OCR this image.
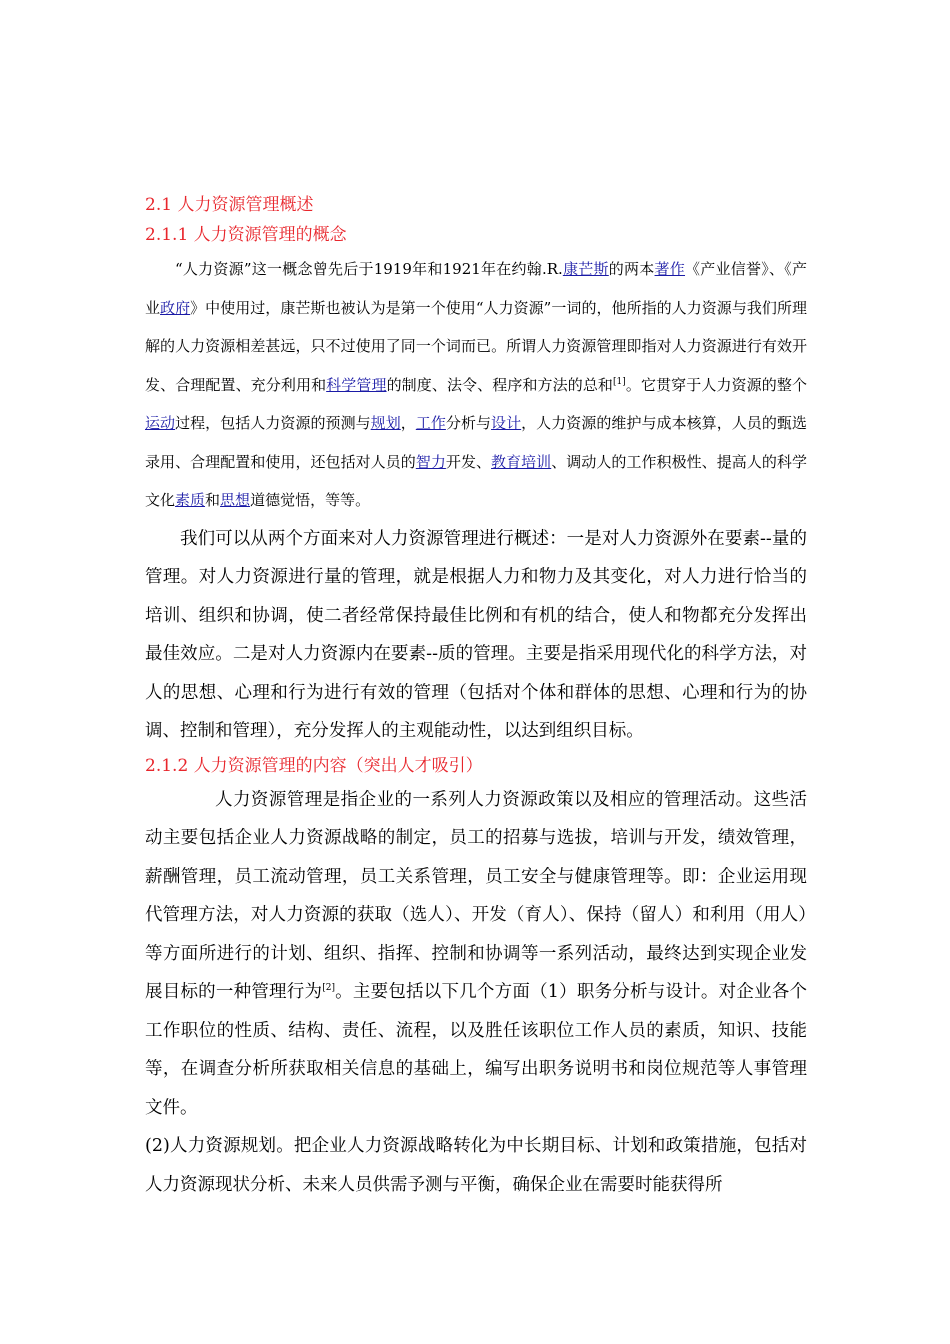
2.1 人力资源管理概述
2.1.1 人力资源管理的概念

“人力资源”这一概念曾先后于1919年和1921年在约翰.R.康芒斯的两本著作《产业信誉》、《产业政府》中使用过，康芒斯也被认为是第一个使用“人力资源”一词的，他所指的人力资源与我们所理解的人力资源相差甚远，只不过使用了同一个词而已。所谓人力资源管理即指对人力资源进行有效开发、合理配置、充分利用和科学管理的制度、法令、程序和方法的总和[1]。它贯穿于人力资源的整个运动过程，包括人力资源的预测与规划，工作分析与设计，人力资源的维护与成本核算，人员的甄选录用、合理配置和使用，还包括对人员的智力开发、教育培训、调动人的工作积极性、提高人的科学文化素质和思想道德觉悟，等等。

我们可以从两个方面来对人力资源管理进行概述：一是对人力资源外在要素--量的管理。对人力资源进行量的管理，就是根据人力和物力及其变化，对人力进行恰当的培训、组织和协调，使二者经常保持最佳比例和有机的结合，使人和物都充分发挥出最佳效应。二是对人力资源内在要素--质的管理。主要是指采用现代化的科学方法，对人的思想、心理和行为进行有效的管理（包括对个体和群体的思想、心理和行为的协调、控制和管理），充分发挥人的主观能动性，以达到组织目标。

2.1.2 人力资源管理的内容（突出人才吸引）

人力资源管理是指企业的一系列人力资源政策以及相应的管理活动。这些活动主要包括企业人力资源战略的制定，员工的招募与选拔，培训与开发，绩效管理，薪酬管理，员工流动管理，员工关系管理，员工安全与健康管理等。即：企业运用现代管理方法，对人力资源的获取（选人）、开发（育人）、保持（留人）和利用（用人）等方面所进行的计划、组织、指挥、控制和协调等一系列活动，最终达到实现企业发展目标的一种管理行为[2]。主要包括以下几个方面（1）职务分析与设计。对企业各个工作职位的性质、结构、责任、流程，以及胜任该职位工作人员的素质，知识、技能等，在调查分析所获取相关信息的基础上，编写出职务说明书和岗位规范等人事管理文件。

(2)人力资源规划。把企业人力资源战略转化为中长期目标、计划和政策措施，包括对人力资源现状分析、未来人员供需予测与平衡，确保企业在需要时能获得所
